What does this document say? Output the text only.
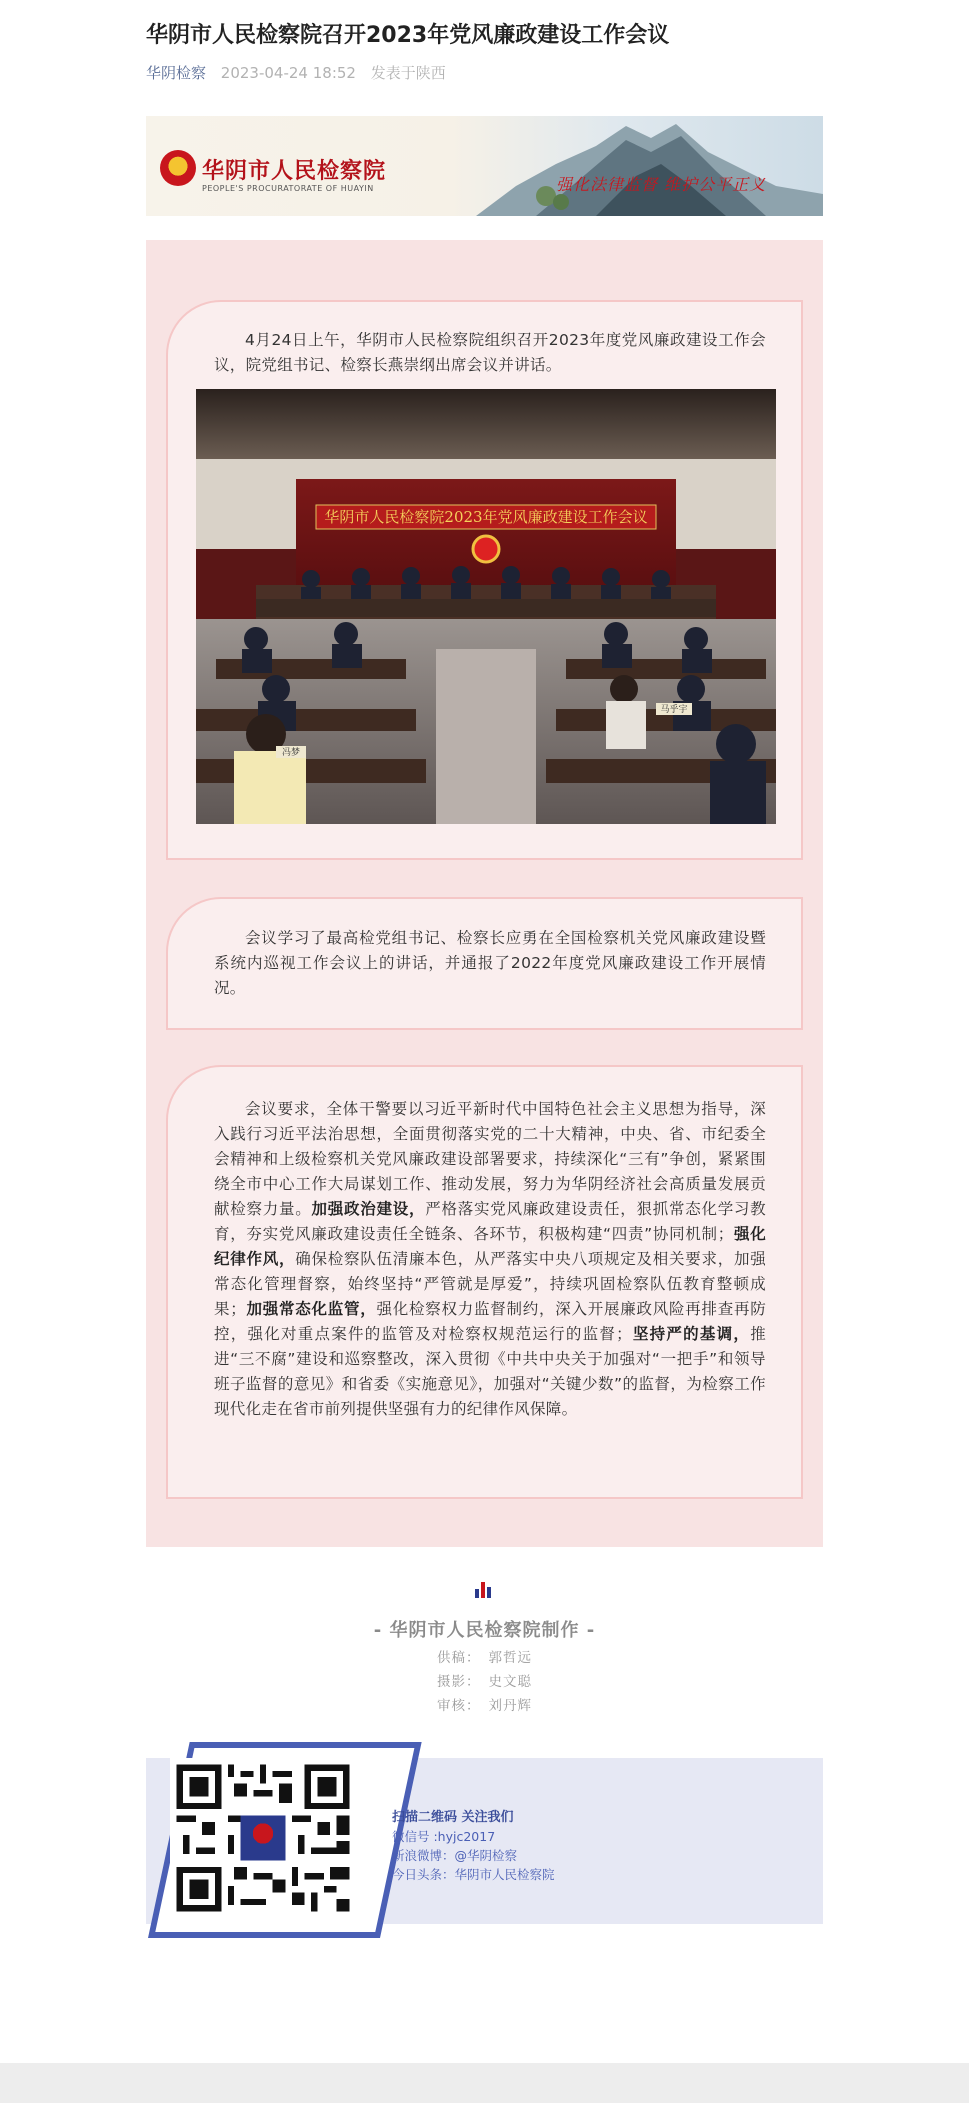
华阴市人民检察院召开2023年党风廉政建设工作会议
华阴检察 2023-04-24 18:52 发表于陕西
华阴市人民检察院
PEOPLE'S PROCURATORATE OF HUAYIN	强化法律监督 维护公平正义

4月24日上午，华阴市人民检察院组织召开2023年度党风廉政建设工作会议，院党组书记、检察长燕崇纲出席会议并讲话。

华阴市人民检察院2023年党风廉政建设工作会议
冯梦
马乎宇

会议学习了最高检党组书记、检察长应勇在全国检察机关党风廉政建设暨系统内巡视工作会议上的讲话，并通报了2022年度党风廉政建设工作开展情况。

会议要求，全体干警要以习近平新时代中国特色社会主义思想为指导，深入践行习近平法治思想，全面贯彻落实党的二十大精神，中央、省、市纪委全会精神和上级检察机关党风廉政建设部署要求，持续深化“三有”争创，紧紧围绕全市中心工作大局谋划工作、推动发展，努力为华阴经济社会高质量发展贡献检察力量。加强政治建设，严格落实党风廉政建设责任，狠抓常态化学习教育，夯实党风廉政建设责任全链条、各环节，积极构建“四责”协同机制；强化纪律作风，确保检察队伍清廉本色，从严落实中央八项规定及相关要求，加强常态化管理督察，始终坚持“严管就是厚爱”，持续巩固检察队伍教育整顿成果；加强常态化监管，强化检察权力监督制约，深入开展廉政风险再排查再防控，强化对重点案件的监管及对检察权规范运行的监督；坚持严的基调，推进“三不腐”建设和巡察整改，深入贯彻《中共中央关于加强对“一把手”和领导班子监督的意见》和省委《实施意见》，加强对“关键少数”的监督，为检察工作现代化走在省市前列提供坚强有力的纪律作风保障。

- 华阴市人民检察院制作 -
供稿： 郭哲远
摄影： 史文聪
审核： 刘丹辉
扫描二维码 关注我们
微信号 :hyjc2017
新浪微博：@华阴检察
今日头条：华阴市人民检察院
